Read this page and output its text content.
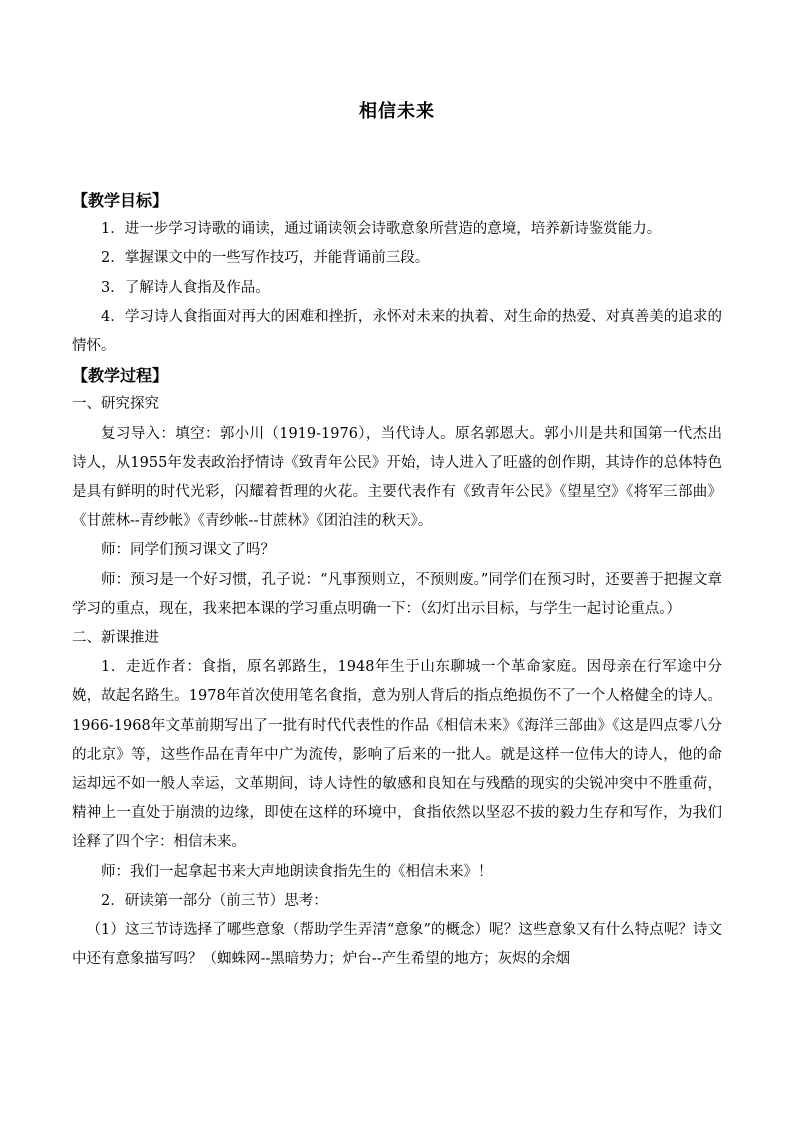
相信未来

【教学目标】

1．进一步学习诗歌的诵读，通过诵读领会诗歌意象所营造的意境，培养新诗鉴赏能力。

2．掌握课文中的一些写作技巧，并能背诵前三段。

3．了解诗人食指及作品。

4．学习诗人食指面对再大的困难和挫折，永怀对未来的执着、对生命的热爱、对真善美的追求的情怀。

【教学过程】

一、研究探究

复习导入：填空：郭小川（1919-1976），当代诗人。原名郭恩大。郭小川是共和国第一代杰出诗人，从1955年发表政治抒情诗《致青年公民》开始，诗人进入了旺盛的创作期，其诗作的总体特色是具有鲜明的时代光彩，闪耀着哲理的火花。主要代表作有《致青年公民》《望星空》《将军三部曲》《甘蔗林--青纱帐》《青纱帐--甘蔗林》《团泊洼的秋天》。

师：同学们预习课文了吗？

师：预习是一个好习惯，孔子说：“凡事预则立，不预则废。”同学们在预习时，还要善于把握文章学习的重点，现在，我来把本课的学习重点明确一下：（幻灯出示目标，与学生一起讨论重点。）

二、新课推进

1．走近作者：食指，原名郭路生，1948年生于山东聊城一个革命家庭。因母亲在行军途中分娩，故起名路生。1978年首次使用笔名食指，意为别人背后的指点绝损伤不了一个人格健全的诗人。1966-1968年文革前期写出了一批有时代代表性的作品《相信未来》《海洋三部曲》《这是四点零八分的北京》等，这些作品在青年中广为流传，影响了后来的一批人。就是这样一位伟大的诗人，他的命运却远不如一般人幸运，文革期间，诗人诗性的敏感和良知在与残酷的现实的尖锐冲突中不胜重荷，精神上一直处于崩溃的边缘，即使在这样的环境中，食指依然以坚忍不拔的毅力生存和写作，为我们诠释了四个字：相信未来。

师：我们一起拿起书来大声地朗读食指先生的《相信未来》！

2．研读第一部分（前三节）思考：

（1）这三节诗选择了哪些意象（帮助学生弄清“意象”的概念）呢？这些意象又有什么特点呢？诗文中还有意象描写吗？（蜘蛛网--黑暗势力；炉台--产生希望的地方；灰烬的余烟
